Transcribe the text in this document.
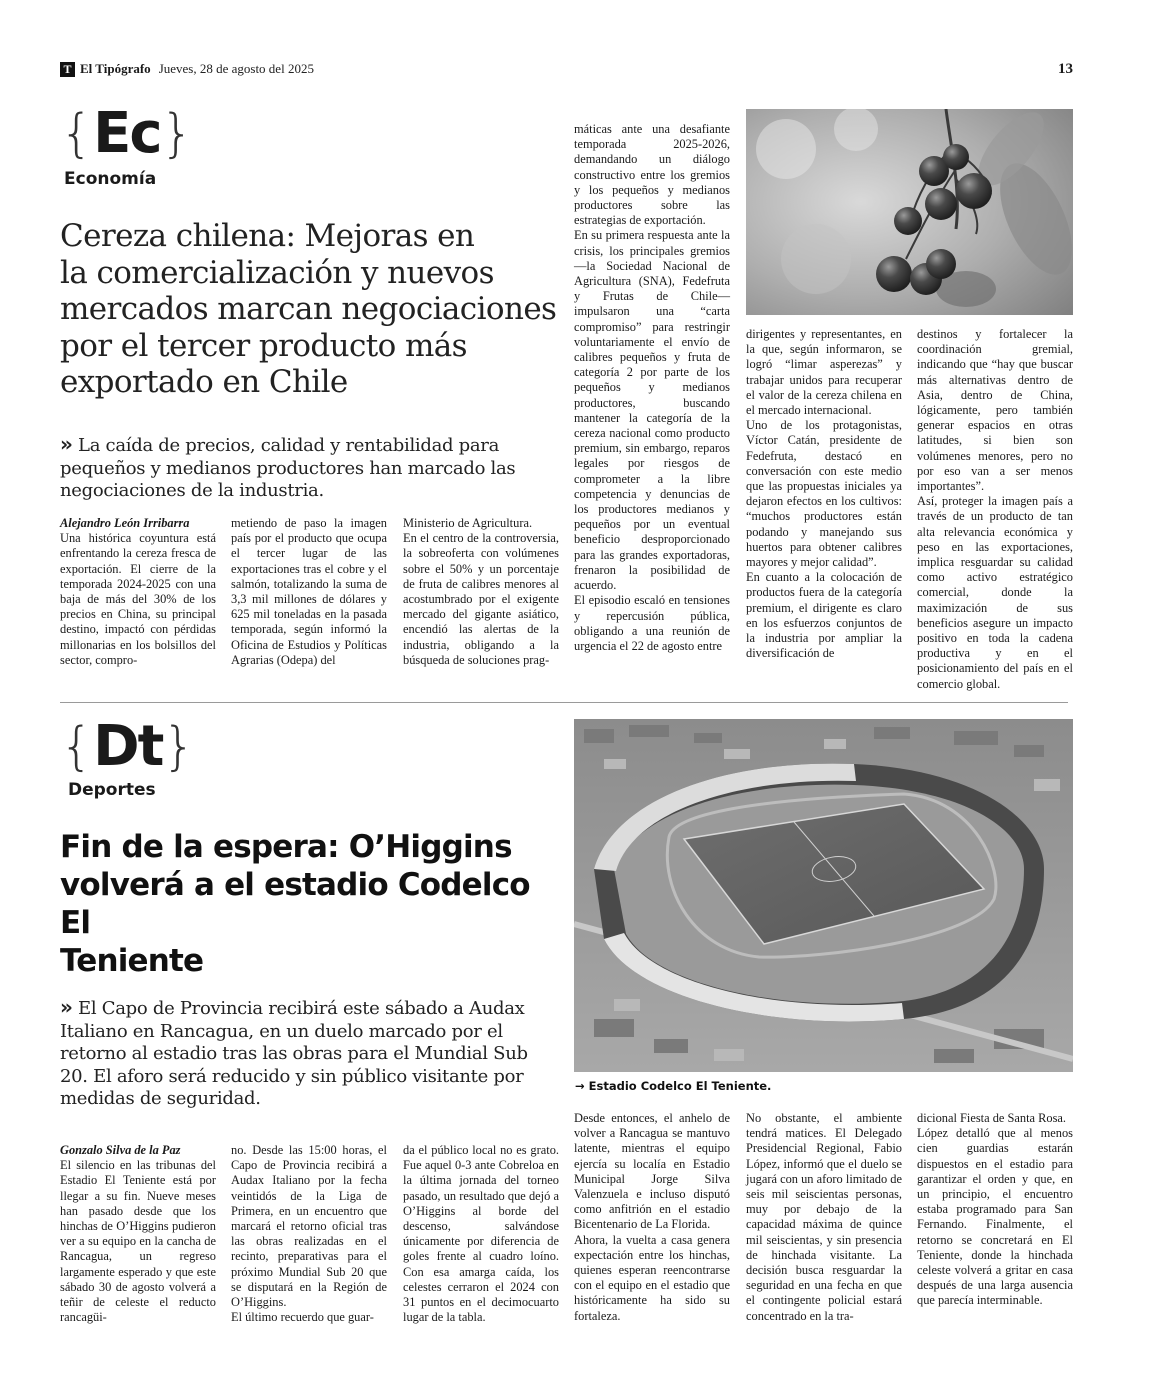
T El Tipógrafo Jueves, 28 de agosto del 2025	13
{Ec}
Economía
Cereza chilena: Mejoras en
la comercialización y nuevos
mercados marcan negociaciones
por el tercer producto más
exportado en Chile
» La caída de precios, calidad y rentabilidad para pequeños y medianos productores han marcado las negociaciones de la industria.
Alejandro León Irribarra

Una histórica coyuntura está enfrentando la cereza fresca de exportación. El cierre de la temporada 2024-2025 con una baja de más del 30% de los precios en China, su principal destino, impactó con pérdidas millonarias en los bolsillos del sector, compro-

metiendo de paso la imagen país por el producto que ocupa el tercer lugar de las exportaciones tras el cobre y el salmón, totalizando la suma de 3,3 mil millones de dólares y 625 mil toneladas en la pasada temporada, según informó la Oficina de Estudios y Políticas Agrarias (Odepa) del

Ministerio de Agricultura.

En el centro de la controversia, la sobreoferta con volúmenes sobre el 50% y un porcentaje de fruta de calibres menores al acostumbrado por el exigente mercado del gigante asiático, encendió las alertas de la industria, obligando a la búsqueda de soluciones prag-

máticas ante una desafiante temporada 2025-2026, demandando un diálogo constructivo entre los gremios y los pequeños y medianos productores sobre las estrategias de exportación.

En su primera respuesta ante la crisis, los principales gremios —la Sociedad Nacional de Agricultura (SNA), Fedefruta y Frutas de Chile— impulsaron una “carta compromiso” para restringir voluntariamente el envío de calibres pequeños y fruta de categoría 2 por parte de los pequeños y medianos productores, buscando mantener la categoría de la cereza nacional como producto premium, sin embargo, reparos legales por riesgos de comprometer a la libre competencia y denuncias de los productores medianos y pequeños por un eventual beneficio desproporcionado para las grandes exportadoras, frenaron la posibilidad de acuerdo.

El episodio escaló en tensiones y repercusión pública, obligando a una reunión de urgencia el 22 de agosto entre

dirigentes y representantes, en la que, según informaron, se logró “limar asperezas” y trabajar unidos para recuperar el valor de la cereza chilena en el mercado internacional.

Uno de los protagonistas, Víctor Catán, presidente de Fedefruta, destacó en conversación con este medio que las propuestas iniciales ya dejaron efectos en los cultivos: “muchos productores están podando y manejando sus huertos para obtener calibres mayores y mejor calidad”.

En cuanto a la colocación de productos fuera de la categoría premium, el dirigente es claro en los esfuerzos conjuntos de la industria por ampliar la diversificación de

destinos y fortalecer la coordinación gremial, indicando que “hay que buscar más alternativas dentro de Asia, dentro de China, lógicamente, pero también generar espacios en otras latitudes, si bien son volúmenes menores, pero no por eso van a ser menos importantes”.

Así, proteger la imagen país a través de un producto de tan alta relevancia económica y peso en las exportaciones, implica resguardar su calidad como activo estratégico comercial, donde la maximización de sus beneficios asegure un impacto positivo en toda la cadena productiva y en el posicionamiento del país en el comercio global.

{Dt}
Deportes
Fin de la espera: O’Higgins
volverá a el estadio Codelco El
Teniente
» El Capo de Provincia recibirá este sábado a Audax Italiano en Rancagua, en un duelo marcado por el retorno al estadio tras las obras para el Mundial Sub 20. El aforo será reducido y sin público visitante por medidas de seguridad.
→ Estadio Codelco El Teniente.
Gonzalo Silva de la Paz

El silencio en las tribunas del Estadio El Teniente está por llegar a su fin. Nueve meses han pasado desde que los hinchas de O’Higgins pudieron ver a su equipo en la cancha de Rancagua, un regreso largamente esperado y que este sábado 30 de agosto volverá a teñir de celeste el reducto rancagüi-

no. Desde las 15:00 horas, el Capo de Provincia recibirá a Audax Italiano por la fecha veintidós de la Liga de Primera, en un encuentro que marcará el retorno oficial tras las obras realizadas en el recinto, preparativas para el próximo Mundial Sub 20 que se disputará en la Región de O’Higgins.

El último recuerdo que guar-

da el público local no es grato. Fue aquel 0-3 ante Cobreloa en la última jornada del torneo pasado, un resultado que dejó a O’Higgins al borde del descenso, salvándose únicamente por diferencia de goles frente al cuadro loíno. Con esa amarga caída, los celestes cerraron el 2024 con 31 puntos en el decimocuarto lugar de la tabla.

Desde entonces, el anhelo de volver a Rancagua se mantuvo latente, mientras el equipo ejercía su localía en Estadio Municipal Jorge Silva Valenzuela e incluso disputó como anfitrión en el estadio Bicentenario de La Florida.

Ahora, la vuelta a casa genera expectación entre los hinchas, quienes esperan reencontrarse con el equipo en el estadio que históricamente ha sido su fortaleza.

No obstante, el ambiente tendrá matices. El Delegado Presidencial Regional, Fabio López, informó que el duelo se jugará con un aforo limitado de seis mil seiscientas personas, muy por debajo de la capacidad máxima de quince mil seiscientas, y sin presencia de hinchada visitante. La decisión busca resguardar la seguridad en una fecha en que el contingente policial estará concentrado en la tra-

dicional Fiesta de Santa Rosa.

López detalló que al menos cien guardias estarán dispuestos en el estadio para garantizar el orden y que, en un principio, el encuentro estaba programado para San Fernando. Finalmente, el retorno se concretará en El Teniente, donde la hinchada celeste volverá a gritar en casa después de una larga ausencia que parecía interminable.
